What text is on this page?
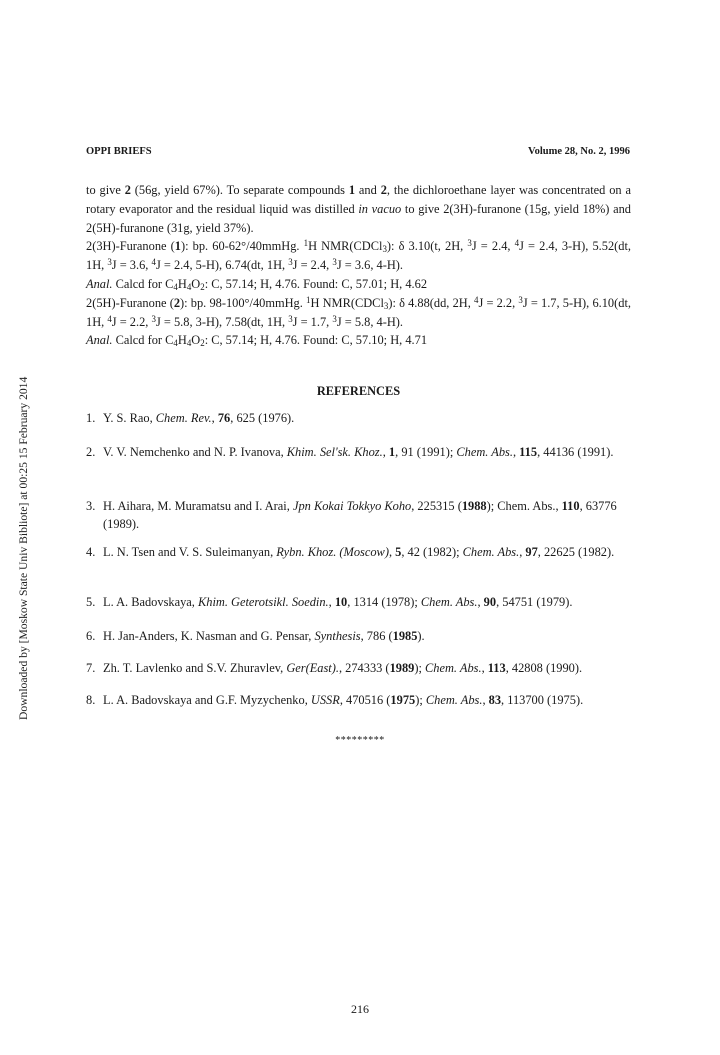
Downloaded by [Moskow State Univ Bibliote] at 00:25 15 February 2014
OPPI BRIEFS	Volume 28, No. 2, 1996

to give 2 (56g, yield 67%). To separate compounds 1 and 2, the dichloroethane layer was concentrated on a rotary evaporator and the residual liquid was distilled in vacuo to give 2(3H)-furanone (15g, yield 18%) and 2(5H)-furanone (31g, yield 37%).

2(3H)-Furanone (1): bp. 60-62°/40mmHg. $^1$H NMR(CDCl$_3$): δ 3.10(t, 2H, $^3$J = 2.4, $^4$J = 2.4, 3-H), 5.52(dt, 1H, $^3$J = 3.6, $^4$J = 2.4, 5-H), 6.74(dt, 1H, $^3$J = 2.4, $^3$J = 3.6, 4-H).

Anal. Calcd for $C_4H_4O_2$: C, 57.14; H, 4.76. Found: C, 57.01; H, 4.62

2(5H)-Furanone (2): bp. 98-100°/40mmHg. $^1$H NMR(CDCl$_3$): δ 4.88(dd, 2H, $^4$J = 2.2, $^3$J = 1.7, 5-H), 6.10(dt, 1H, $^4$J = 2.2, $^3$J = 5.8, 3-H), 7.58(dt, 1H, $^3$J = 1.7, $^3$J = 5.8, 4-H).

Anal. Calcd for $C_4H_4O_2$: C, 57.14; H, 4.76. Found: C, 57.10; H, 4.71

REFERENCES
1. Y. S. Rao, Chem. Rev., 76, 625 (1976).
2. V. V. Nemchenko and N. P. Ivanova, Khim. Sel'sk. Khoz., 1, 91 (1991); Chem. Abs., 115, 44136 (1991).
3. H. Aihara, M. Muramatsu and I. Arai, Jpn Kokai Tokkyo Koho, 225315 (1988); Chem. Abs., 110, 63776 (1989).
4. L. N. Tsen and V. S. Suleimanyan, Rybn. Khoz. (Moscow), 5, 42 (1982); Chem. Abs., 97, 22625 (1982).
5. L. A. Badovskaya, Khim. Geterotsikl. Soedin., 10, 1314 (1978); Chem. Abs., 90, 54751 (1979).
6. H. Jan-Anders, K. Nasman and G. Pensar, Synthesis, 786 (1985).
7. Zh. T. Lavlenko and S.V. Zhuravlev, Ger(East)., 274333 (1989); Chem. Abs., 113, 42808 (1990).
8. L. A. Badovskaya and G.F. Myzychenko, USSR, 470516 (1975); Chem. Abs., 83, 113700 (1975).
*********
216
